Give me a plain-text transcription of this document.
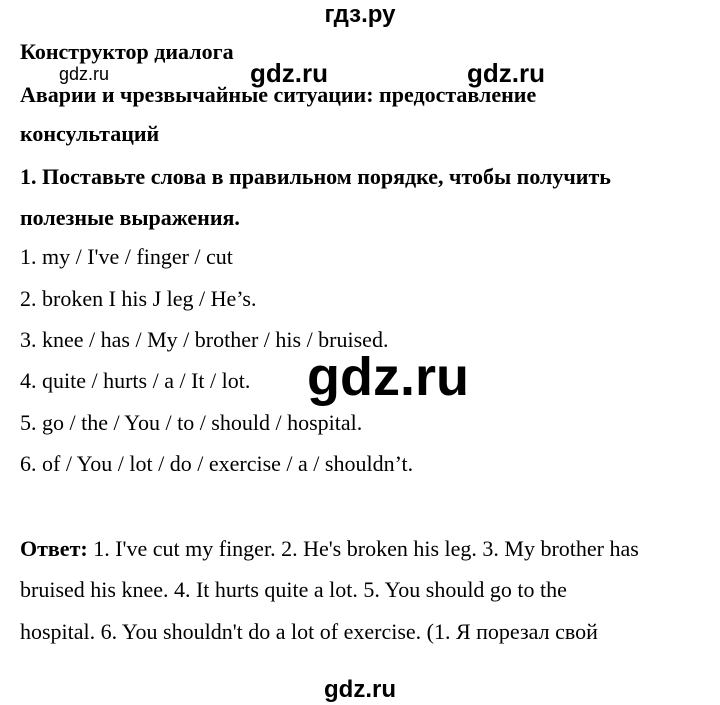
гдз.ру
Конструктор диалога
gdz.ru	gdz.ru	gdz.ru
Аварии и чрезвычайные ситуации: предоставление
консультаций
1. Поставьте слова в правильном порядке, чтобы получить
полезные выражения.
1. my / I've / finger / cut
2. broken I his J leg / He’s.
3. knee / has / My / brother / his / bruised.
4. quite / hurts / a / It / lot.
5. go / the / You / to / should / hospital.
6. of / You / lot / do / exercise / a / shouldn’t.
gdz.ru
Ответ: 1. I've cut my finger. 2. He's broken his leg. 3. My brother has
bruised his knee. 4. It hurts quite a lot. 5. You should go to the
hospital. 6. You shouldn't do a lot of exercise. (1. Я порезал свой
gdz.ru
